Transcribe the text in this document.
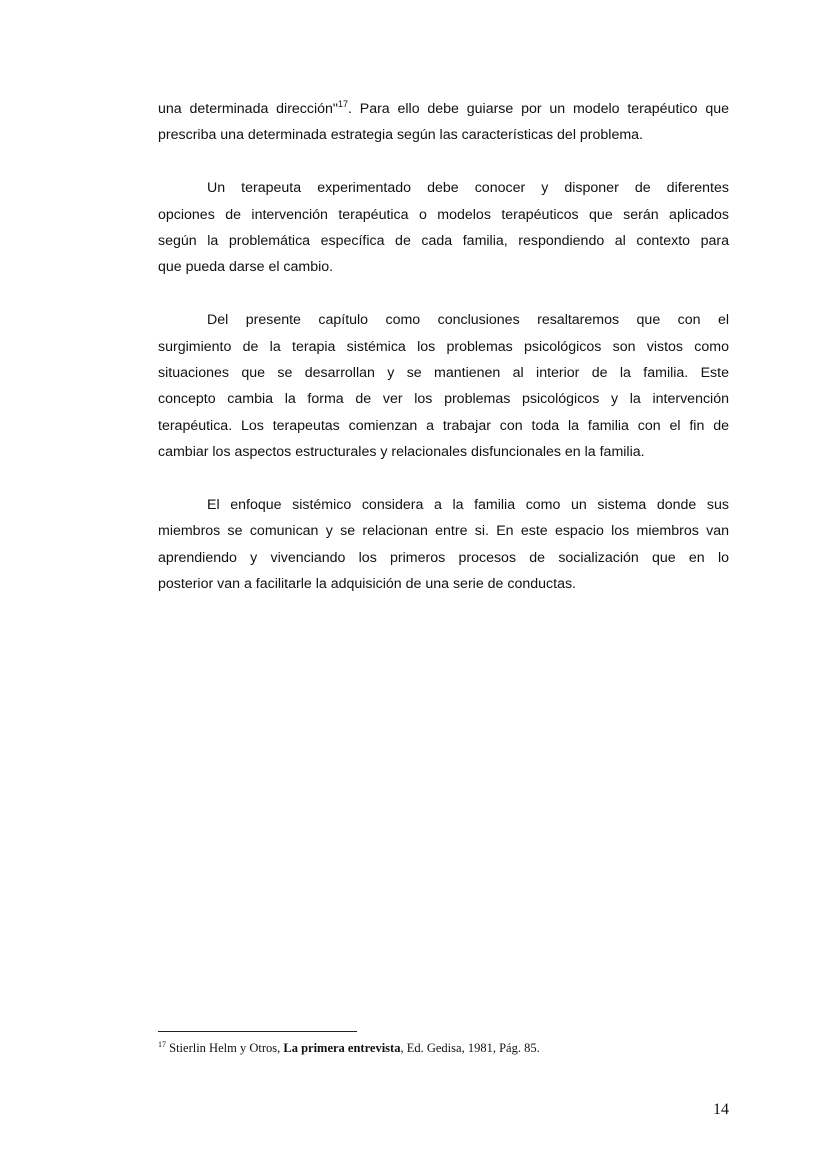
una determinada dirección"$^{17}$. Para ello debe guiarse por un modelo terapéutico que
prescriba una determinada estrategia según las características del problema.

Un terapeuta experimentado debe conocer y disponer de diferentes
opciones de intervención terapéutica o modelos terapéuticos que serán aplicados
según la problemática específica de cada familia, respondiendo al contexto para
que pueda darse el cambio.

Del presente capítulo como conclusiones resaltaremos que con el
surgimiento de la terapia sistémica los problemas psicológicos son vistos como
situaciones que se desarrollan y se mantienen al interior de la familia. Este
concepto cambia la forma de ver los problemas psicológicos y la intervención
terapéutica. Los terapeutas comienzan a trabajar con toda la familia con el fin de
cambiar los aspectos estructurales y relacionales disfuncionales en la familia.

El enfoque sistémico considera a la familia como un sistema donde sus
miembros se comunican y se relacionan entre si. En este espacio los miembros van
aprendiendo y vivenciando los primeros procesos de socialización que en lo
posterior van a facilitarle la adquisición de una serie de conductas.

$^{17}$ Stierlin Helm y Otros, La primera entrevista, Ed. Gedisa, 1981, Pág. 85.
14
